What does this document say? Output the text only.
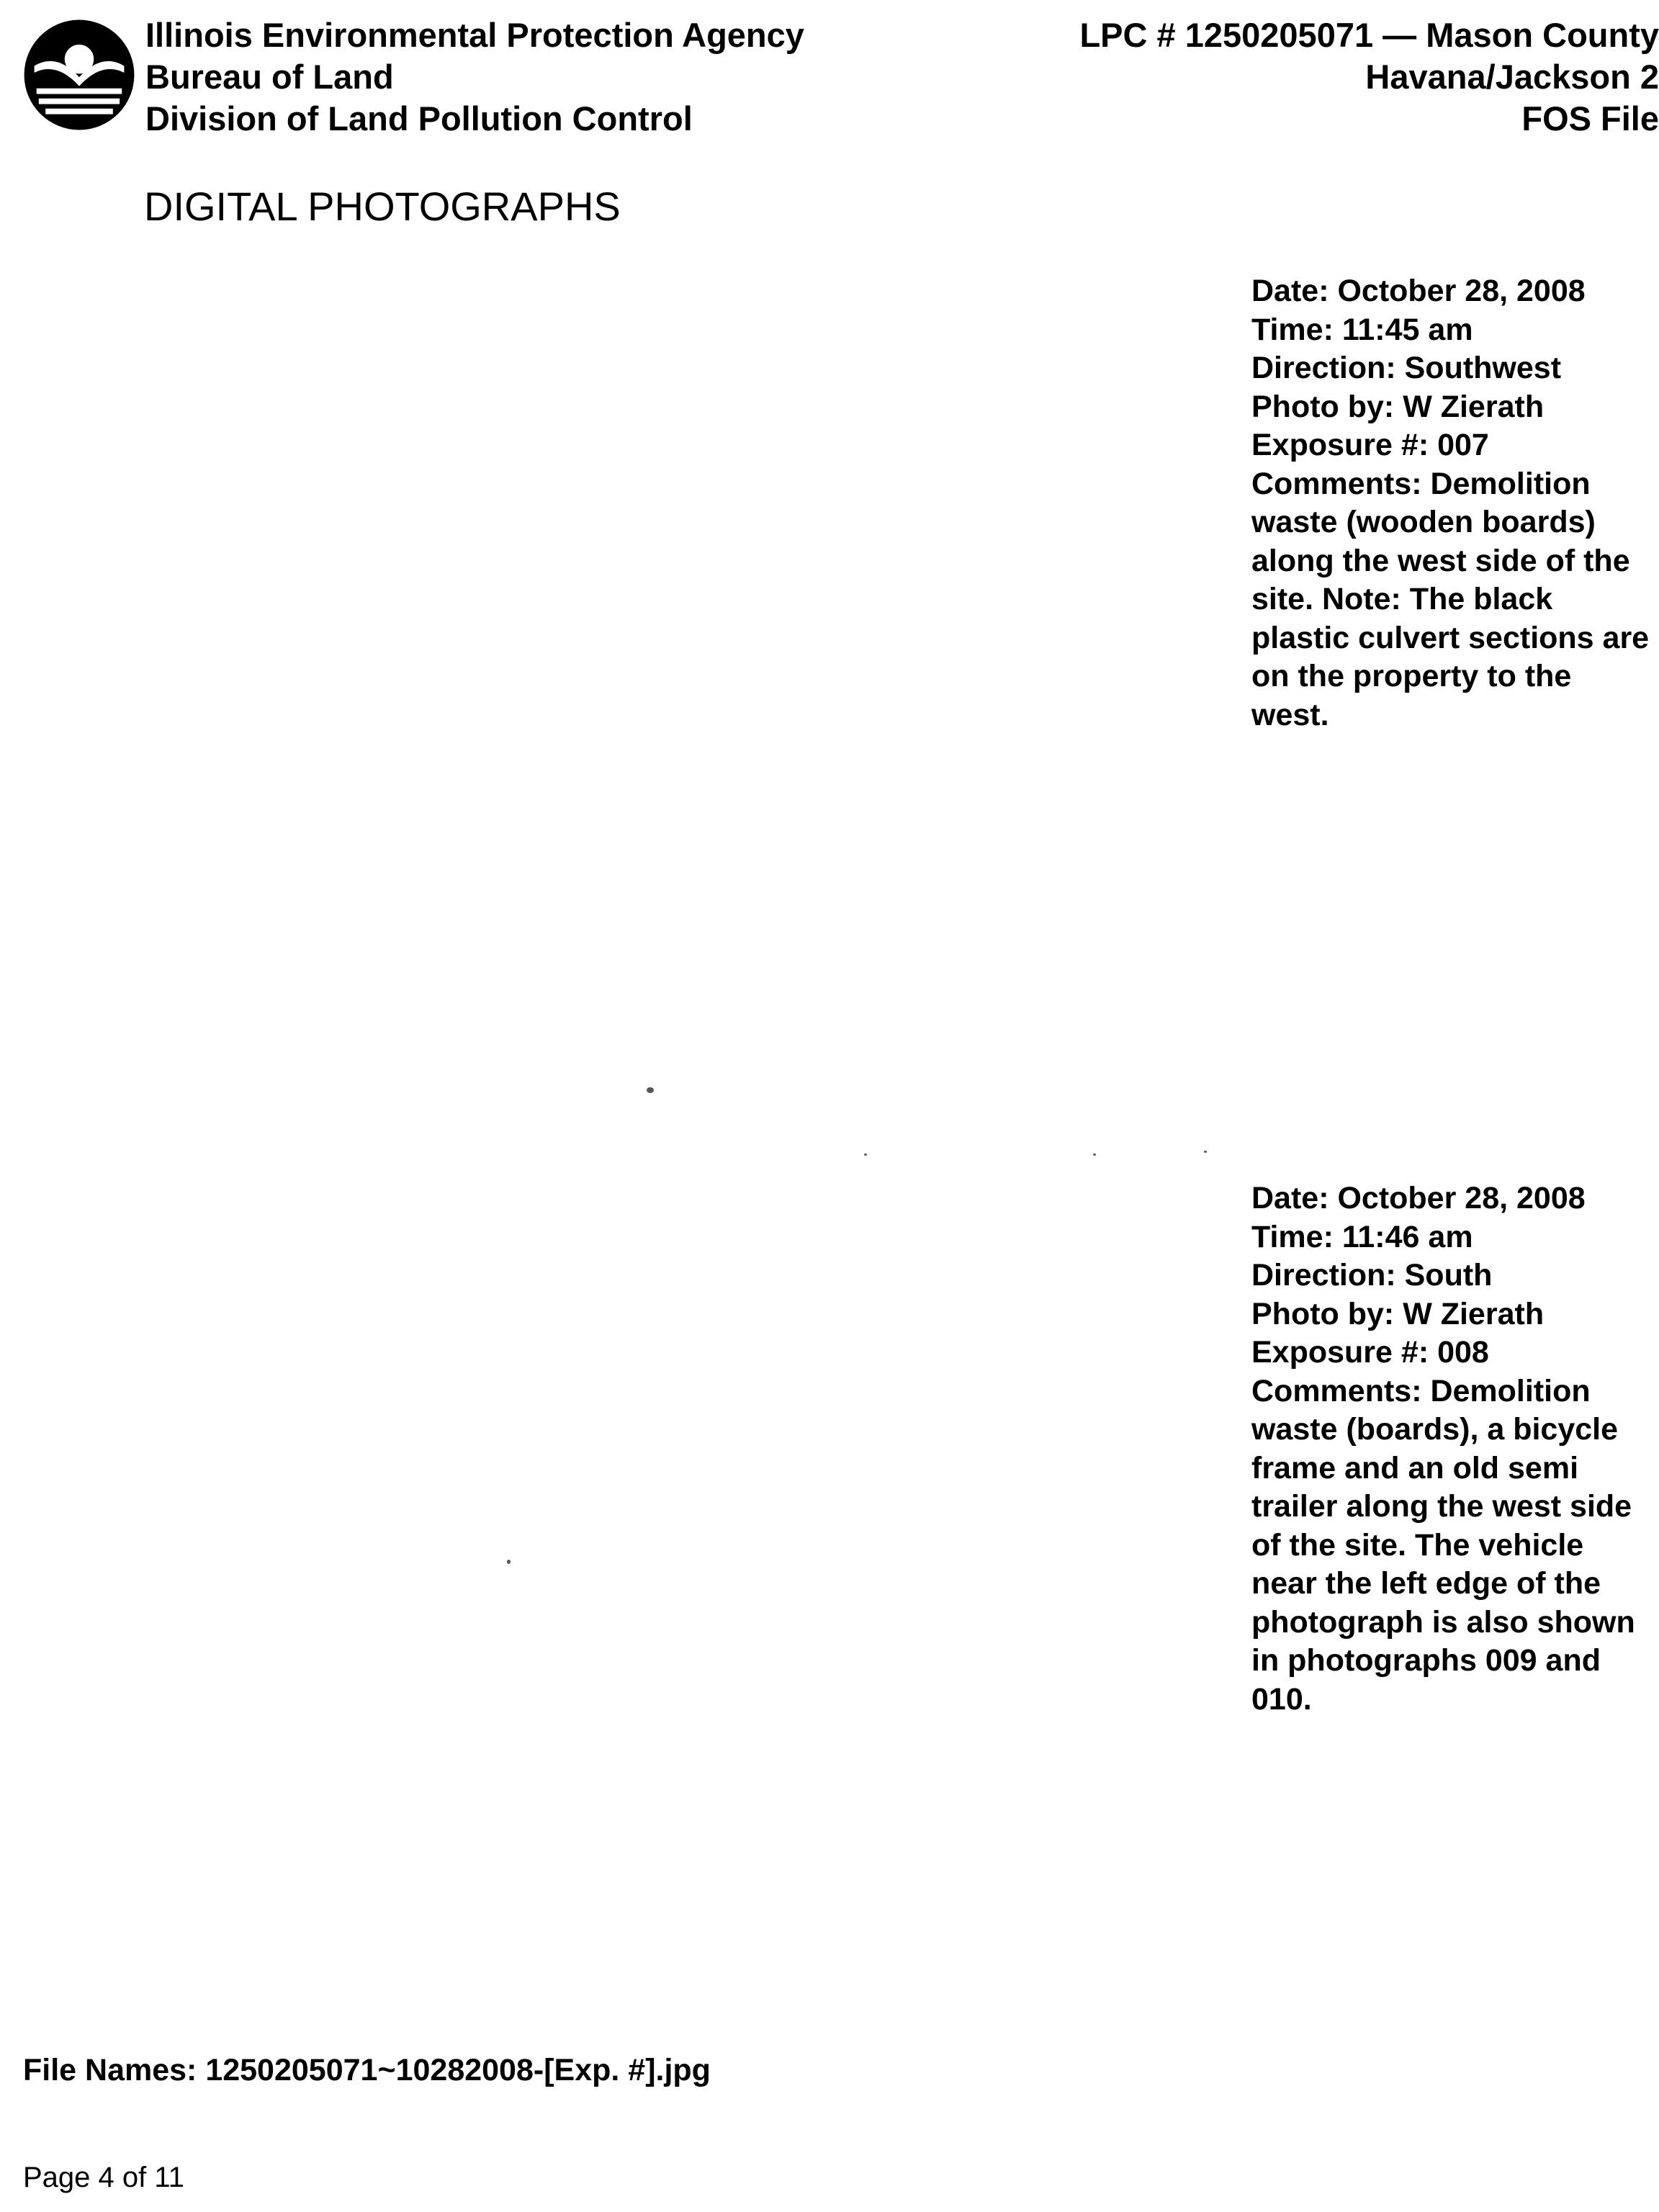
Illinois Environmental Protection Agency
Bureau of Land
Division of Land Pollution Control
LPC # 1250205071 — Mason County
Havana/Jackson 2
FOS File
DIGITAL PHOTOGRAPHS
Date: October 28, 2008
Time: 11:45 am
Direction: Southwest
Photo by: W Zierath
Exposure #: 007
Comments: Demolition waste (wooden boards) along the west side of the site. Note: The black plastic culvert sections are on the property to the west.
Date: October 28, 2008
Time: 11:46 am
Direction: South
Photo by: W Zierath
Exposure #: 008
Comments: Demolition waste (boards), a bicycle frame and an old semi trailer along the west side of the site. The vehicle near the left edge of the photograph is also shown in photographs 009 and 010.
File Names: 1250205071~10282008-[Exp. #].jpg
Page 4 of 11
